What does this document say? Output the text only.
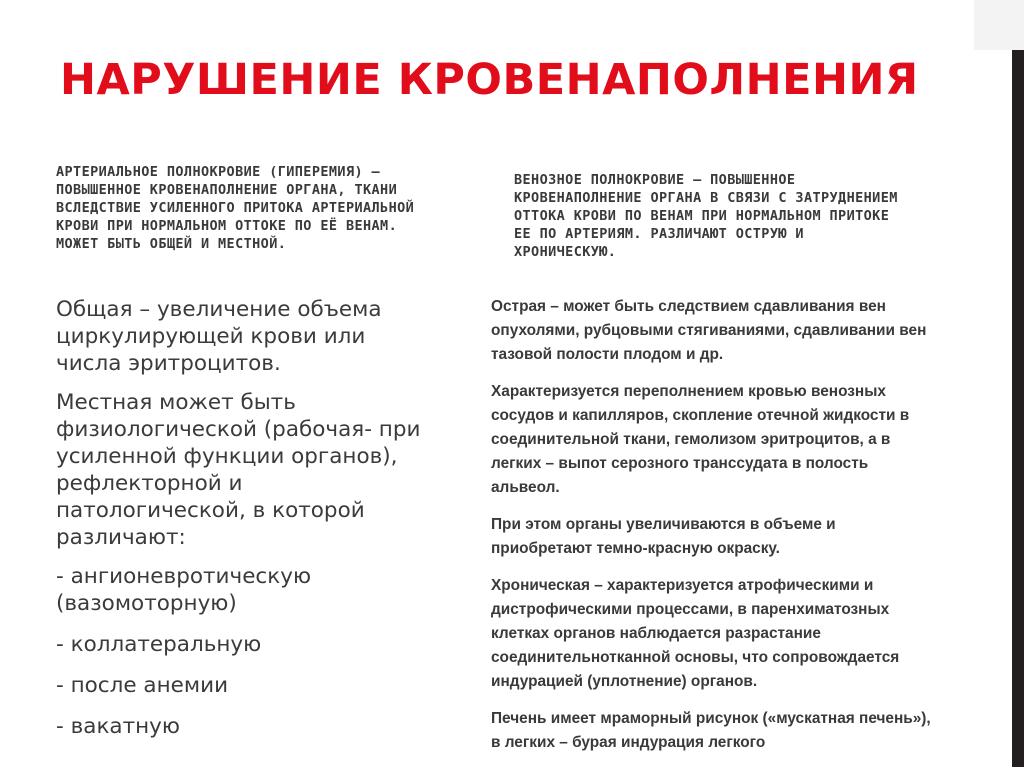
НАРУШЕНИЕ КРОВЕНАПОЛНЕНИЯ

АРТЕРИАЛЬНОЕ ПОЛНОКРОВИЕ (ГИПЕРЕМИЯ) – ПОВЫШЕННОЕ КРОВЕНАПОЛНЕНИЕ ОРГАНА, ТКАНИ ВСЛЕДСТВИЕ УСИЛЕННОГО ПРИТОКА АРТЕРИАЛЬНОЙ КРОВИ ПРИ НОРМАЛЬНОМ ОТТОКЕ ПО ЕЁ ВЕНАМ. МОЖЕТ БЫТЬ ОБЩЕЙ И МЕСТНОЙ.

ВЕНОЗНОЕ ПОЛНОКРОВИЕ – ПОВЫШЕННОЕ КРОВЕНАПОЛНЕНИЕ ОРГАНА В СВЯЗИ С ЗАТРУДНЕНИЕМ ОТТОКА КРОВИ ПО ВЕНАМ ПРИ НОРМАЛЬНОМ ПРИТОКЕ ЕЕ ПО АРТЕРИЯМ. РАЗЛИЧАЮТ ОСТРУЮ И ХРОНИЧЕСКУЮ.

Общая – увеличение объема циркулирующей крови или числа эритроцитов.

Местная может быть физиологической (рабочая- при усиленной функции органов), рефлекторной и патологической, в которой различают:

- ангионевротическую (вазомоторную)

- коллатеральную

- после анемии

- вакатную

Острая – может быть следствием сдавливания вен опухолями, рубцовыми стягиваниями, сдавливании вен тазовой полости плодом и др.

Характеризуется переполнением кровью венозных сосудов и капилляров, скопление отечной жидкости в соединительной ткани, гемолизом эритроцитов, а в легких – выпот серозного транссудата в полость альвеол.

При этом органы увеличиваются в объеме и приобретают темно-красную окраску.

Хроническая – характеризуется атрофическими и дистрофическими процессами, в паренхиматозных клетках органов наблюдается разрастание соединительнотканной основы, что сопровождается индурацией (уплотнение) органов.

Печень имеет мраморный рисунок («мускатная печень»), в легких – бурая индурация легкого
